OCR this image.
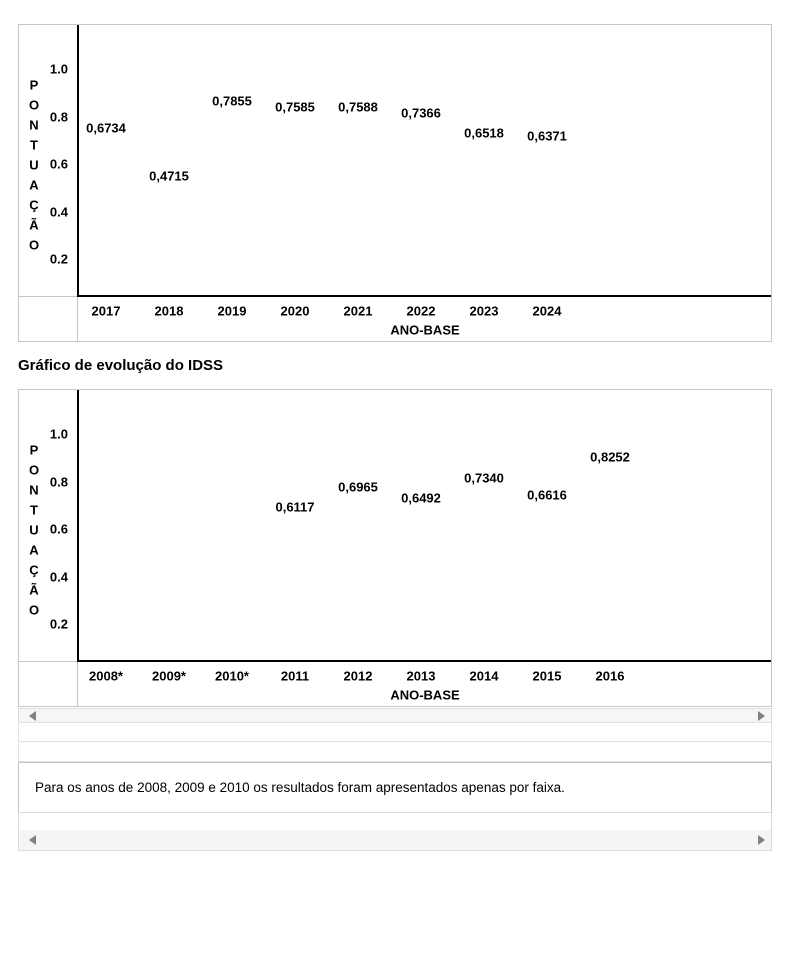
P
O
N
T
U
A
Ç
Ã
O
1.0
0.8
0.6
0.4
0.2
2017	2018	2019	2020	2021	2022	2023	2024
ANO-BASE
0,6734
0,4715
0,7855 0,7585 0,7588 0,7366
0,6518 0,6371
Gráfico de evolução do IDSS
P
O
N
T
U
A
Ç
Ã
O
1.0
0.8
0.6
0.4
0.2
2008* 2009* 2010* 2011	2012	2013	2014	2015	2016
ANO-BASE
0,6117
0,6965
0,6492
0,7340
0,6616
0,8252
Para os anos de 2008, 2009 e 2010 os resultados foram apresentados apenas por faixa.
